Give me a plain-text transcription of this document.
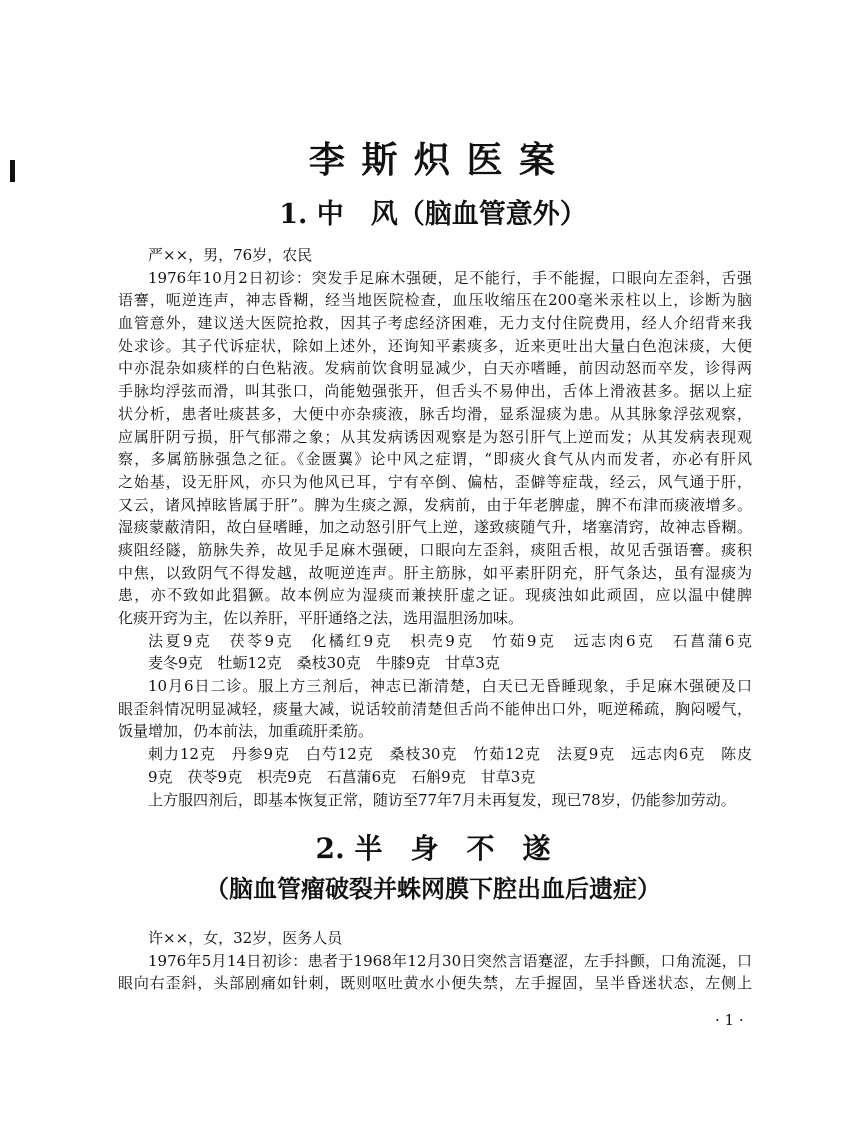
李 斯 炽 医 案
1. 中　风（脑血管意外）
严××，男，76岁，农民
1976年10月2日初诊：突发手足麻木强硬，足不能行，手不能握，口眼向左歪斜，舌强
语謇，呃逆连声，神志昏糊，经当地医院检查，血压收缩压在200毫米汞柱以上，诊断为脑
血管意外，建议送大医院抢救，因其子考虑经济困难，无力支付住院费用，经人介绍背来我
处求诊。其子代诉症状，除如上述外，还询知平素痰多，近来更吐出大量白色泡沫痰，大便
中亦混杂如痰样的白色粘液。发病前饮食明显减少，白天亦嗜睡，前因动怒而卒发，诊得两
手脉均浮弦而滑，叫其张口，尚能勉强张开，但舌头不易伸出，舌体上滑液甚多。据以上症
状分析，患者吐痰甚多，大便中亦杂痰液，脉舌均滑，显系湿痰为患。从其脉象浮弦观察，
应属肝阴亏损，肝气郁滞之象；从其发病诱因观察是为怒引肝气上逆而发；从其发病表现观
察，多属筋脉强急之征。《金匮翼》论中风之症谓，“即痰火食气从内而发者，亦必有肝风
之始基，设无肝风，亦只为他风已耳，宁有卒倒、偏枯，歪僻等症哉，经云，风气通于肝，
又云，诸风掉眩皆属于肝”。脾为生痰之源，发病前，由于年老脾虚，脾不布津而痰液增多。
湿痰蒙蔽清阳，故白昼嗜睡，加之动怒引肝气上逆，遂致痰随气升，堵塞清窍，故神志昏糊。
痰阻经隧，筋脉失养，故见手足麻木强硬，口眼向左歪斜，痰阻舌根，故见舌强语謇。痰积
中焦，以致阴气不得发越，故呃逆连声。肝主筋脉，如平素肝阴充，肝气条达，虽有湿痰为
患，亦不致如此猖獗。故本例应为湿痰而兼挟肝虚之证。现痰浊如此顽固，应以温中健脾
化痰开窍为主，佐以养肝，平肝通络之法，选用温胆汤加味。
法夏9克　茯苓9克　化橘红9克　枳壳9克　竹茹9克　远志肉6克　石菖蒲6克
麦冬9克　牡蛎12克　桑枝30克　牛膝9克　甘草3克
10月6日二诊。服上方三剂后，神志已渐清楚，白天已无昏睡现象，手足麻木强硬及口
眼歪斜情况明显减轻，痰量大减，说话较前清楚但舌尚不能伸出口外，呃逆稀疏，胸闷嗳气，
饭量增加，仍本前法，加重疏肝柔筋。
刺力12克　丹参9克　白芍12克　桑枝30克　竹茹12克　法夏9克　远志肉6克　陈皮
9克　茯苓9克　枳壳9克　石菖蒲6克　石斛9克　甘草3克
上方服四剂后，即基本恢复正常，随访至77年7月未再复发，现已78岁，仍能参加劳动。
2. 半　身　不　遂
（脑血管瘤破裂并蛛网膜下腔出血后遗症）
许××，女，32岁，医务人员
1976年5月14日初诊：患者于1968年12月30日突然言语蹇涩，左手抖颤，口角流涎，口
眼向右歪斜，头部剧痛如针刺，既则呕吐黄水小便失禁，左手握固，呈半昏迷状态，左侧上
· 1 ·
